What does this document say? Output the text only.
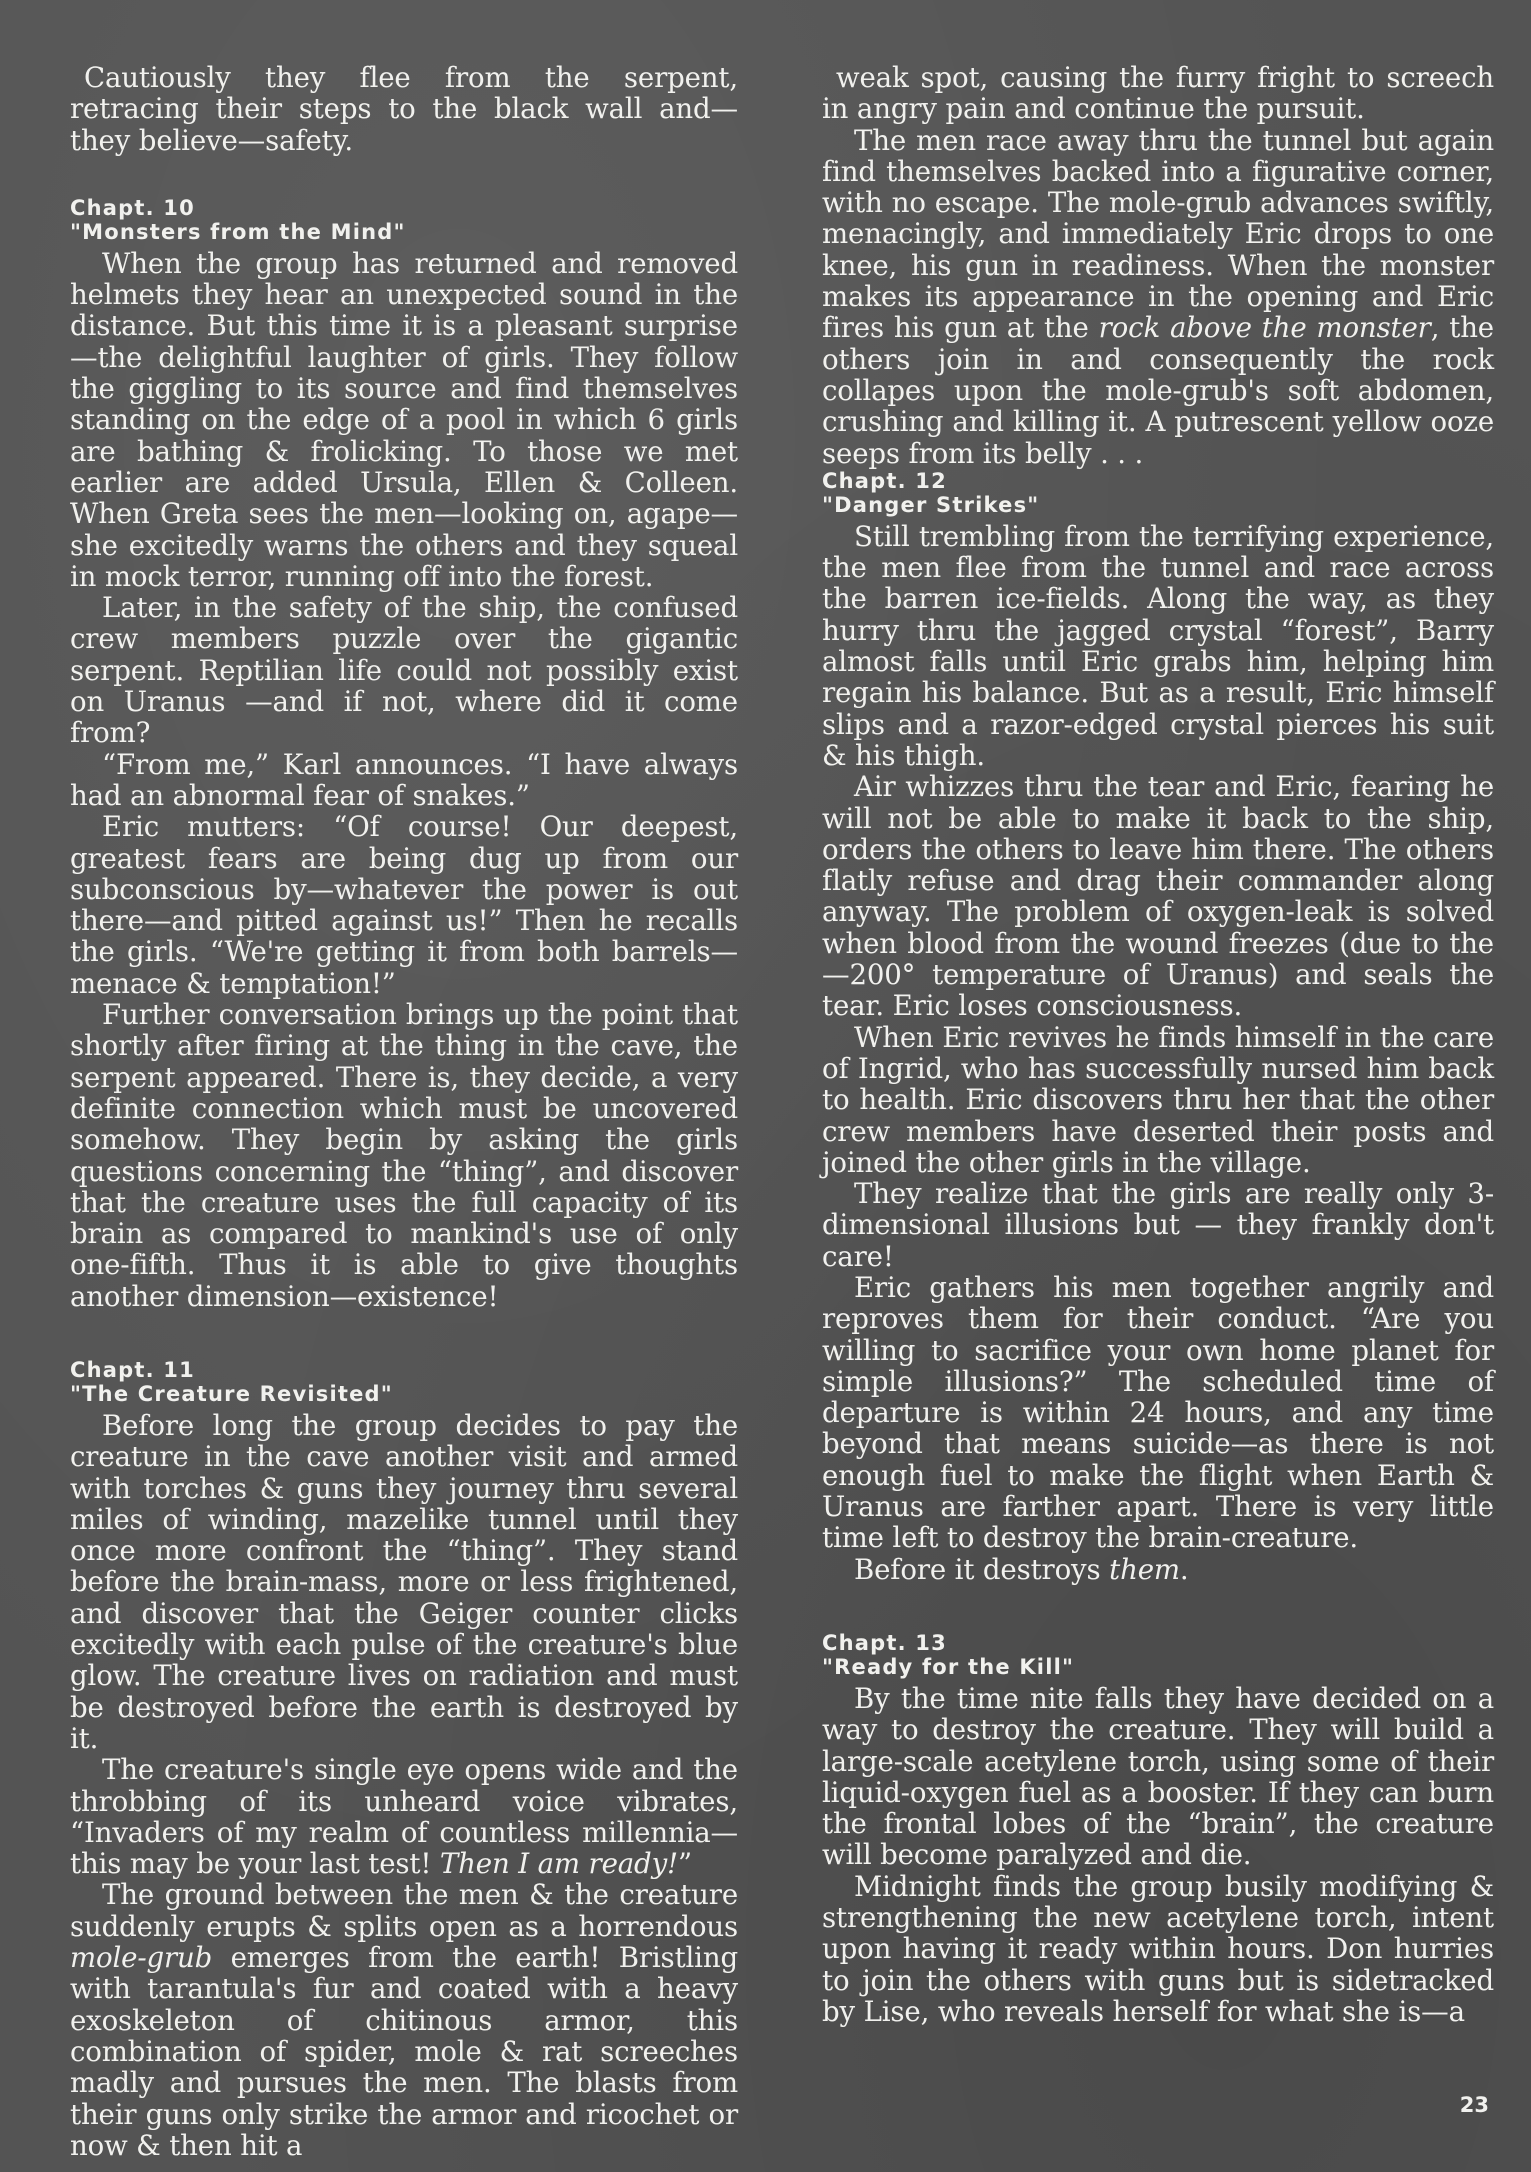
Cautiously they flee from the serpent, retracing their steps to the black wall and—they believe—safety.

Chapt. 10
"Monsters from the Mind"

When the group has returned and removed helmets they hear an unexpected sound in the distance. But this time it is a pleasant surprise —the delightful laughter of girls. They follow the giggling to its source and find themselves standing on the edge of a pool in which 6 girls are bathing & frolicking. To those we met earlier are added Ursula, Ellen & Colleen. When Greta sees the men—looking on, agape—she excitedly warns the others and they squeal in mock terror, running off into the forest.

Later, in the safety of the ship, the confused crew members puzzle over the gigantic serpent. Reptilian life could not possibly exist on Uranus —and if not, where did it come from?

“From me,” Karl announces. “I have always had an abnormal fear of snakes.”

Eric mutters: “Of course! Our deepest, greatest fears are being dug up from our subconscious by—whatever the power is out there—and pitted against us!” Then he recalls the girls. “We're getting it from both barrels—menace & temptation!”

Further conversation brings up the point that shortly after firing at the thing in the cave, the serpent appeared. There is, they decide, a very definite connection which must be uncovered somehow. They begin by asking the girls questions concerning the “thing”, and discover that the creature uses the full capacity of its brain as compared to mankind's use of only one-fifth. Thus it is able to give thoughts another dimension—existence!

Chapt. 11
"The Creature Revisited"

Before long the group decides to pay the creature in the cave another visit and armed with torches & guns they journey thru several miles of winding, mazelike tunnel until they once more confront the “thing”. They stand before the brain-mass, more or less frightened, and discover that the Geiger counter clicks excitedly with each pulse of the creature's blue glow. The creature lives on radiation and must be destroyed before the earth is destroyed by it.

The creature's single eye opens wide and the throbbing of its unheard voice vibrates, “Invaders of my realm of countless millennia—this may be your last test! Then I am ready!”

The ground between the men & the creature suddenly erupts & splits open as a horrendous mole-grub emerges from the earth! Bristling with tarantula's fur and coated with a heavy exoskeleton of chitinous armor, this combination of spider, mole & rat screeches madly and pursues the men. The blasts from their guns only strike the armor and ricochet or now & then hit a

weak spot, causing the furry fright to screech in angry pain and continue the pursuit.

The men race away thru the tunnel but again find themselves backed into a figurative corner, with no escape. The mole-grub advances swiftly, menacingly, and immediately Eric drops to one knee, his gun in readiness. When the monster makes its appearance in the opening and Eric fires his gun at the rock above the monster, the others join in and consequently the rock collapes upon the mole-grub's soft abdomen, crushing and killing it. A putrescent yellow ooze seeps from its belly . . .

Chapt. 12
"Danger Strikes"

Still trembling from the terrifying experience, the men flee from the tunnel and race across the barren ice-fields. Along the way, as they hurry thru the jagged crystal “forest”, Barry almost falls until Eric grabs him, helping him regain his balance. But as a result, Eric himself slips and a razor-edged crystal pierces his suit & his thigh.

Air whizzes thru the tear and Eric, fearing he will not be able to make it back to the ship, orders the others to leave him there. The others flatly refuse and drag their commander along anyway. The problem of oxygen-leak is solved when blood from the wound freezes (due to the —200° temperature of Uranus) and seals the tear. Eric loses consciousness.

When Eric revives he finds himself in the care of Ingrid, who has successfully nursed him back to health. Eric discovers thru her that the other crew members have deserted their posts and joined the other girls in the village.

They realize that the girls are really only 3-dimensional illusions but — they frankly don't care!

Eric gathers his men together angrily and reproves them for their conduct. “Are you willing to sacrifice your own home planet for simple illusions?” The scheduled time of departure is within 24 hours, and any time beyond that means suicide—as there is not enough fuel to make the flight when Earth & Uranus are farther apart. There is very little time left to destroy the brain-creature.

Before it destroys them.

Chapt. 13
"Ready for the Kill"

By the time nite falls they have decided on a way to destroy the creature. They will build a large-scale acetylene torch, using some of their liquid-oxygen fuel as a booster. If they can burn the frontal lobes of the “brain”, the creature will become paralyzed and die.

Midnight finds the group busily modifying & strengthening the new acetylene torch, intent upon having it ready within hours. Don hurries to join the others with guns but is sidetracked by Lise, who reveals herself for what she is—a

23
